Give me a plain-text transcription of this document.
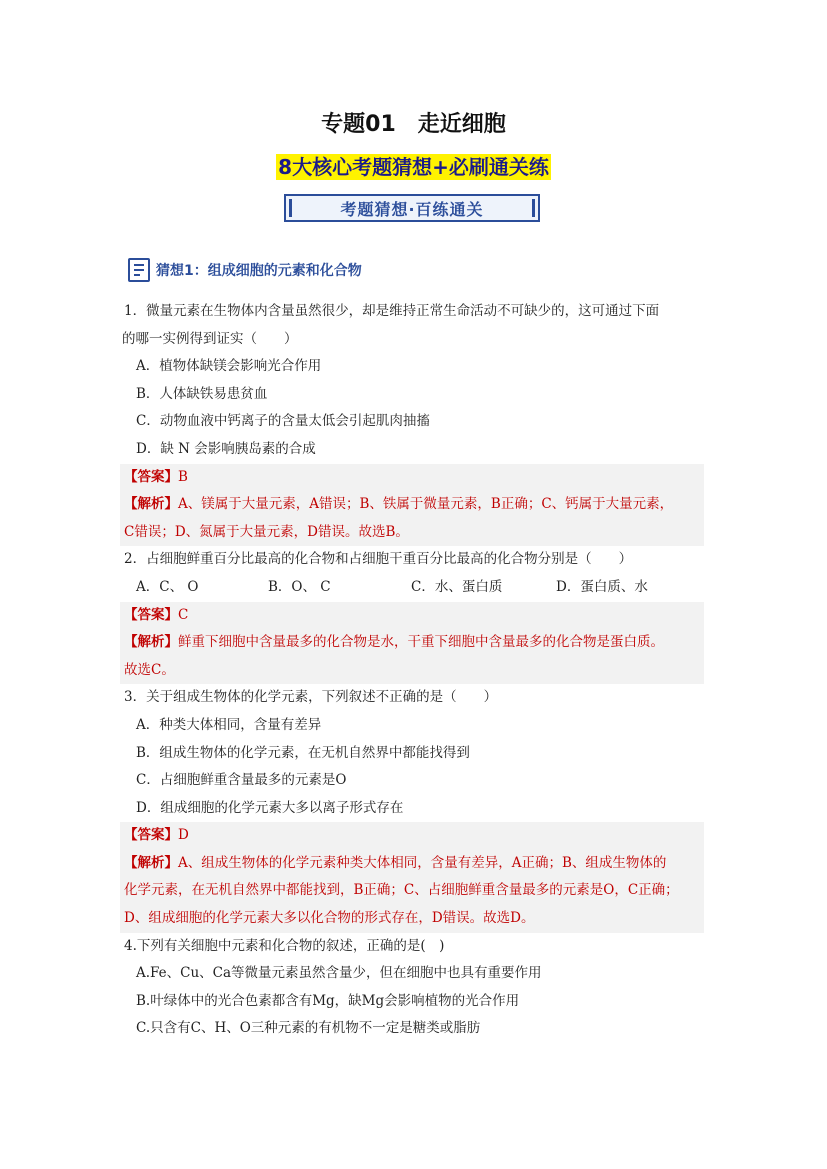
专题01 走近细胞
8大核心考题猜想+必刷通关练
考题猜想·百练通关
猜想1：组成细胞的元素和化合物
1．微量元素在生物体内含量虽然很少，却是维持正常生命活动不可缺少的，这可通过下面
的哪一实例得到证实（　　）
A．植物体缺镁会影响光合作用
B．人体缺铁易患贫血
C．动物血液中钙离子的含量太低会引起肌肉抽搐
D．缺 N 会影响胰岛素的合成
【答案】B
【解析】A、镁属于大量元素，A错误；B、铁属于微量元素，B正确；C、钙属于大量元素，
C错误；D、氮属于大量元素，D错误。故选B。
2．占细胞鲜重百分比最高的化合物和占细胞干重百分比最高的化合物分别是（　　）
A．C、 O	B．O、 C	C．水、蛋白质	D．蛋白质、水
【答案】C
【解析】鲜重下细胞中含量最多的化合物是水，干重下细胞中含量最多的化合物是蛋白质。
故选C。
3．关于组成生物体的化学元素，下列叙述不正确的是（　　）
A．种类大体相同，含量有差异
B．组成生物体的化学元素，在无机自然界中都能找得到
C．占细胞鲜重含量最多的元素是O
D．组成细胞的化学元素大多以离子形式存在
【答案】D
【解析】A、组成生物体的化学元素种类大体相同，含量有差异，A正确；B、组成生物体的
化学元素，在无机自然界中都能找到，B正确；C、占细胞鲜重含量最多的元素是O，C正确；
D、组成细胞的化学元素大多以化合物的形式存在，D错误。故选D。
4.下列有关细胞中元素和化合物的叙述，正确的是(　)
A.Fe、Cu、Ca等微量元素虽然含量少，但在细胞中也具有重要作用
B.叶绿体中的光合色素都含有Mg，缺Mg会影响植物的光合作用
C.只含有C、H、O三种元素的有机物不一定是糖类或脂肪
